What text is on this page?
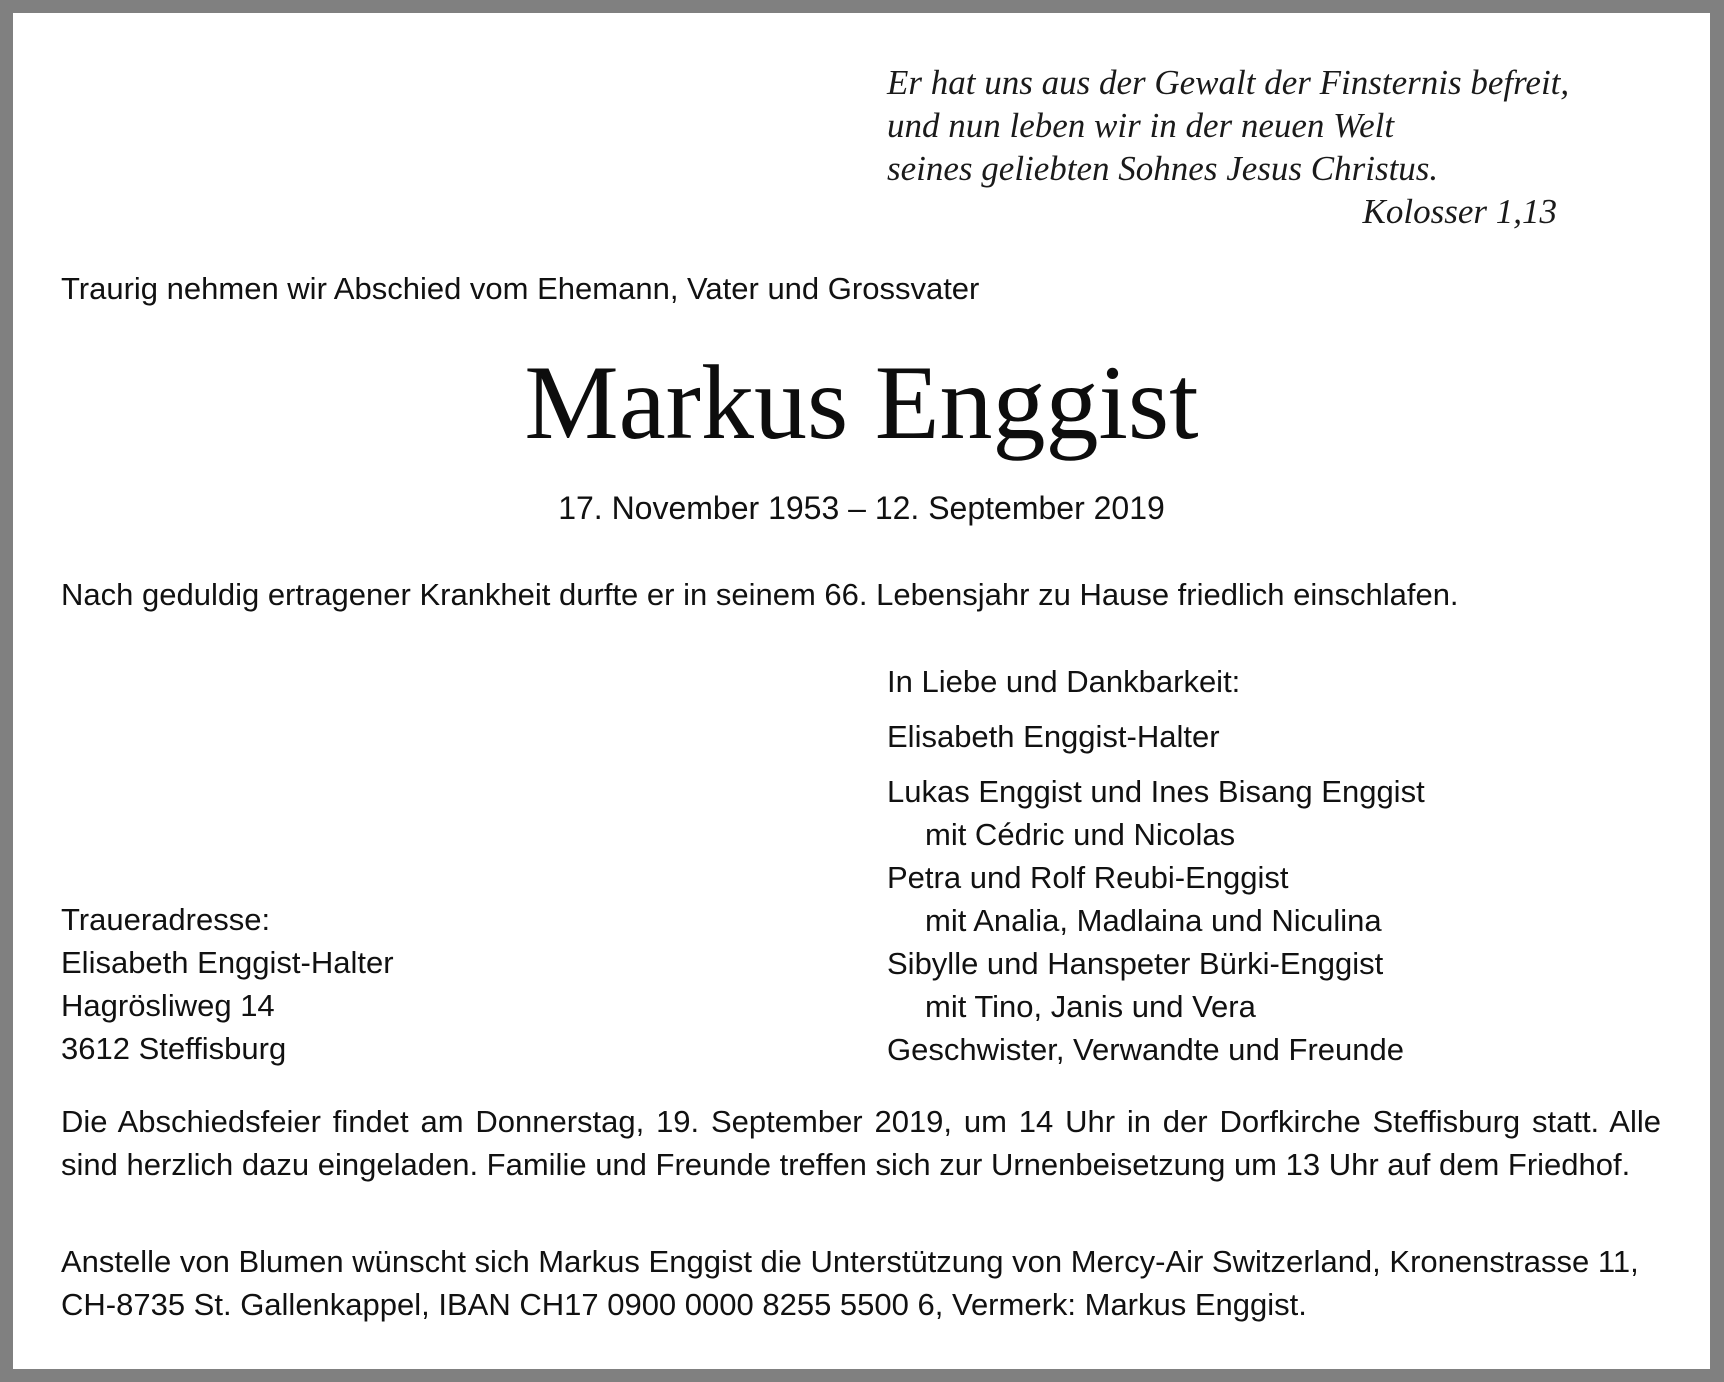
Er hat uns aus der Gewalt der Finsternis befreit,
und nun leben wir in der neuen Welt
seines geliebten Sohnes Jesus Christus.
Kolosser 1,13
Traurig nehmen wir Abschied vom Ehemann, Vater und Grossvater
Markus Enggist
17. November 1953 – 12. September 2019
Nach geduldig ertragener Krankheit durfte er in seinem 66. Lebensjahr zu Hause friedlich einschlafen.
In Liebe und Dankbarkeit:
Elisabeth Enggist-Halter
Lukas Enggist und Ines Bisang Enggist
mit Cédric und Nicolas
Petra und Rolf Reubi-Enggist
mit Analia, Madlaina und Niculina
Sibylle und Hanspeter Bürki-Enggist
mit Tino, Janis und Vera
Geschwister, Verwandte und Freunde
Traueradresse:
Elisabeth Enggist-Halter
Hagrösliweg 14
3612 Steffisburg
Die Abschiedsfeier findet am Donnerstag, 19. September 2019, um 14 Uhr in der Dorfkirche Steffisburg statt. Alle sind herzlich dazu eingeladen. Familie und Freunde treffen sich zur Urnenbeisetzung um 13 Uhr auf dem Friedhof.
Anstelle von Blumen wünscht sich Markus Enggist die Unterstützung von Mercy-Air Switzerland, Kronenstrasse 11,
CH-8735 St. Gallenkappel, IBAN CH17 0900 0000 8255 5500 6, Vermerk: Markus Enggist.
